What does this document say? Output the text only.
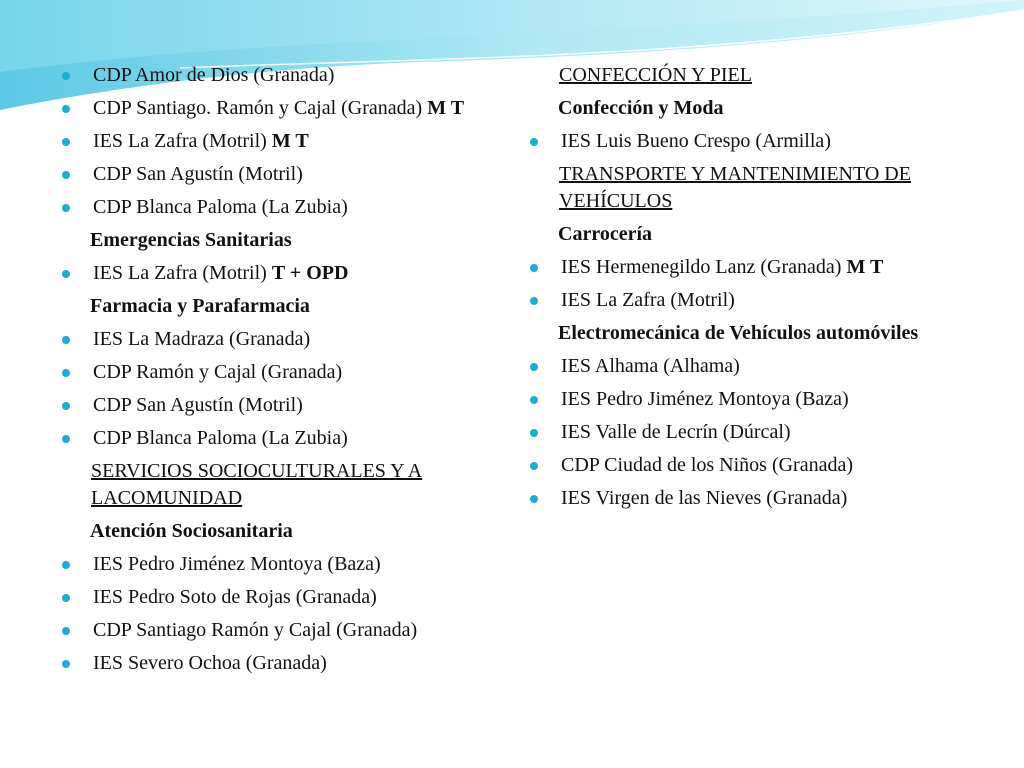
CDP Amor de Dios (Granada)
CDP Santiago. Ramón y Cajal (Granada) M T
IES La Zafra (Motril) M T
CDP San Agustín (Motril)
CDP Blanca Paloma (La Zubia)
Emergencias Sanitarias
IES La Zafra (Motril) T + OPD
Farmacia y Parafarmacia
IES La Madraza (Granada)
CDP Ramón y Cajal (Granada)
CDP San Agustín (Motril)
CDP Blanca Paloma (La Zubia)
SERVICIOS SOCIOCULTURALES Y A LACOMUNIDAD
Atención Sociosanitaria
IES Pedro Jiménez Montoya (Baza)
IES Pedro Soto de Rojas (Granada)
CDP Santiago Ramón y Cajal (Granada)
IES Severo Ochoa (Granada)
CONFECCIÓN Y PIEL
Confección y Moda
IES Luis Bueno Crespo (Armilla)
TRANSPORTE Y MANTENIMIENTO DE VEHÍCULOS
Carrocería
IES Hermenegildo Lanz (Granada) M T
IES La Zafra (Motril)
Electromecánica de Vehículos automóviles
IES Alhama (Alhama)
IES Pedro Jiménez Montoya (Baza)
IES Valle de Lecrín (Dúrcal)
CDP Ciudad de los Niños (Granada)
IES Virgen de las Nieves (Granada)
